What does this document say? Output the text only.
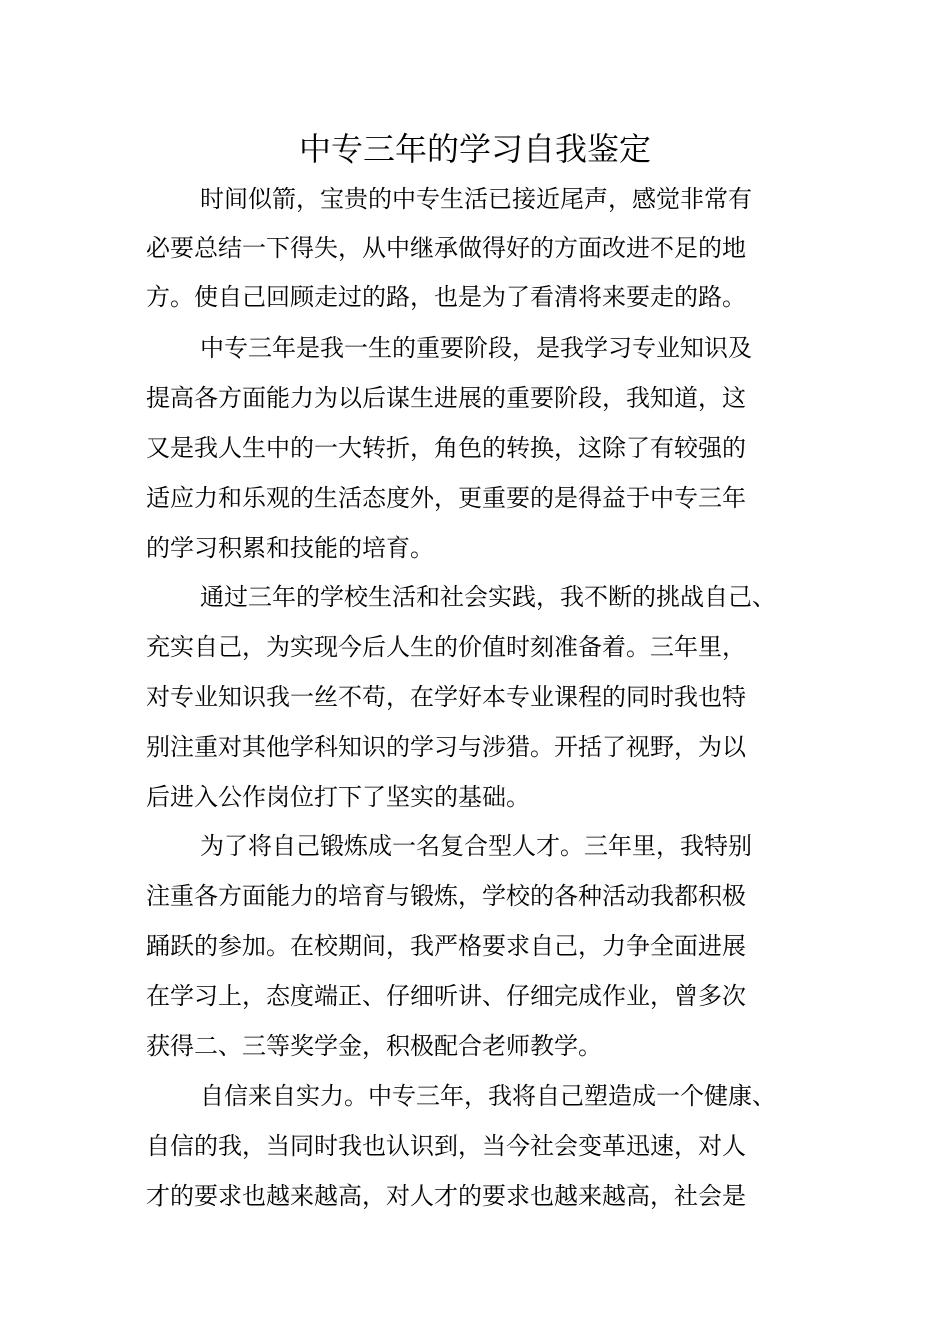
中专三年的学习自我鉴定

时间似箭，宝贵的中专生活已接近尾声，感觉非常有

必要总结一下得失，从中继承做得好的方面改进不足的地

方。使自己回顾走过的路，也是为了看清将来要走的路。

中专三年是我一生的重要阶段，是我学习专业知识及

提高各方面能力为以后谋生进展的重要阶段，我知道，这

又是我人生中的一大转折，角色的转换，这除了有较强的

适应力和乐观的生活态度外，更重要的是得益于中专三年

的学习积累和技能的培育。

通过三年的学校生活和社会实践，我不断的挑战自己、

充实自己，为实现今后人生的价值时刻准备着。三年里，

对专业知识我一丝不苟，在学好本专业课程的同时我也特

别注重对其他学科知识的学习与涉猎。开括了视野，为以

后进入公作岗位打下了坚实的基础。

为了将自己锻炼成一名复合型人才。三年里，我特别

注重各方面能力的培育与锻炼，学校的各种活动我都积极

踊跃的参加。在校期间，我严格要求自己，力争全面进展

在学习上，态度端正、仔细听讲、仔细完成作业，曾多次

获得二、三等奖学金，积极配合老师教学。

自信来自实力。中专三年，我将自己塑造成一个健康、

自信的我，当同时我也认识到，当今社会变革迅速，对人

才的要求也越来越高，对人才的要求也越来越高，社会是
